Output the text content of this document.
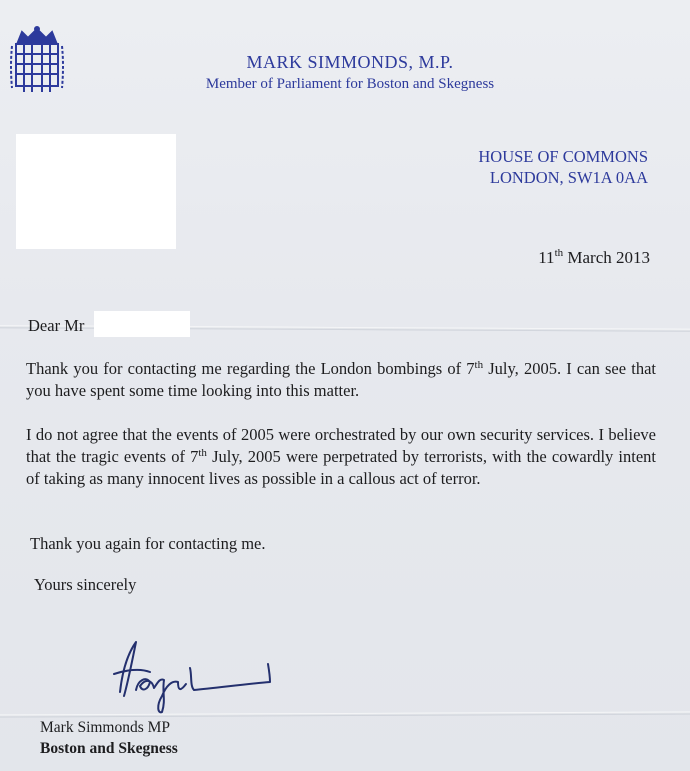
MARK SIMMONDS, M.P.
Member of Parliament for Boston and Skegness
HOUSE OF COMMONS
LONDON, SW1A 0AA
11th March 2013
Dear Mr
Thank you for contacting me regarding the London bombings of 7th July, 2005. I can see that you have spent some time looking into this matter.
I do not agree that the events of 2005 were orchestrated by our own security services. I believe that the tragic events of 7th July, 2005 were perpetrated by terrorists, with the cowardly intent of taking as many innocent lives as possible in a callous act of terror.
Thank you again for contacting me.
Yours sincerely
Mark Simmonds MP
Boston and Skegness
